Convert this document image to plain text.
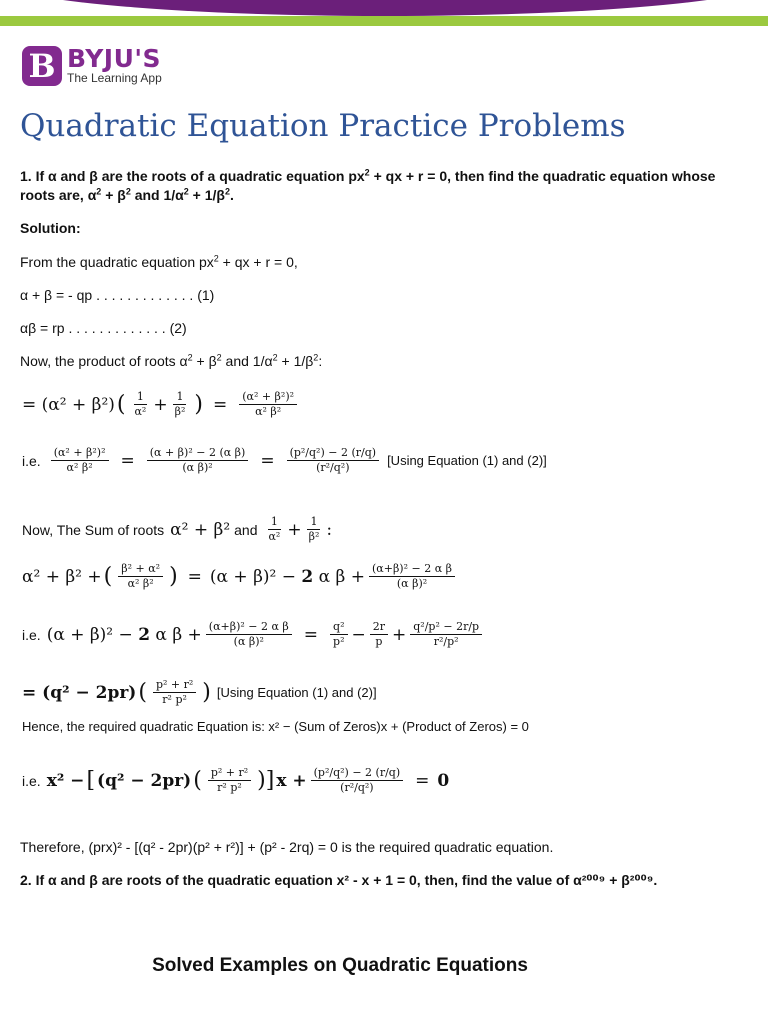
B BYJU'S
The Learning App
Quadratic Equation Practice Problems
1. If α and β are the roots of a quadratic equation $px^2$ + qx + r = 0, then find the quadratic equation whose roots are, $\alpha^2 + \beta^2$ and $1/\alpha^2 + 1/\beta^2$.
Solution:
From the quadratic equation $px^2$ + qx + r = 0,
α + β = - qp . . . . . . . . . . . . . (1)
αβ = rp . . . . . . . . . . . . . (2)
Now, the product of roots $\alpha^2 + \beta^2$ and $1/\alpha^2 + 1/\beta^2$:
= (α² + β²) ( $\frac{1}{\text{α²}} + \frac{1}{\text{β²}}$ ) = $\frac{\text{(α² + β²)²}}{\text{α² β²}}$
i.e. $\frac{\text{(α² + β²)²}}{\text{α² β²}} = \frac{\text{(α + β)² − 2 (α β)}}{\text{(α β)²}} = \frac{\text{(p²/q²) − 2 (r/q)}}{\text{(r²/q²)}} [Using$ Equation (1) and (2)]
Now, The Sum of roots α² + β² and $\frac{1}{\text{α²}} + \frac{1}{\text{β²}}$ :
α² + β² + ( $\frac{\text{β² + α²}}{\text{α² β²}}$ ) = (α + β)² − 2 α $\beta + \frac{\text{(α+β)² − 2 α β}}{\text{(α β)²}}$
i.e. (α + β)² − 2 α $\beta + \frac{\text{(α+β)² − 2 α β}}{\text{(α β)²}} = \frac{\text{q²}}{\text{p²}} - \frac{2r}{p} + \frac{\text{q²/p² − 2r/p}}{\text{r²/p²}}$
= (q² − 2pr) ( $\frac{\text{p² + r²}}{\text{r² p²}}$ ) [Using Equation (1) and (2)]
Hence, the required quadratic Equation is: x² − (Sum of Zeros)x + (Product of Zeros) = 0
i.e. x² − [ (q² − 2pr) ( $\frac{\text{p² + r²}}{\text{r² p²}}$ )] $x + \frac{\text{(p²/q²) − 2 (r/q)}}{\text{(r²/q²)}} = 0$
Therefore, (prx)² - [(q² - 2pr)(p² + r²)] + (p² - 2rq) = 0 is the required quadratic equation.
2. If α and β are roots of the quadratic equation x² - x + 1 = 0, then, find the value of α²⁰⁰⁹ + β²⁰⁰⁹.
Solved Examples on Quadratic Equations
